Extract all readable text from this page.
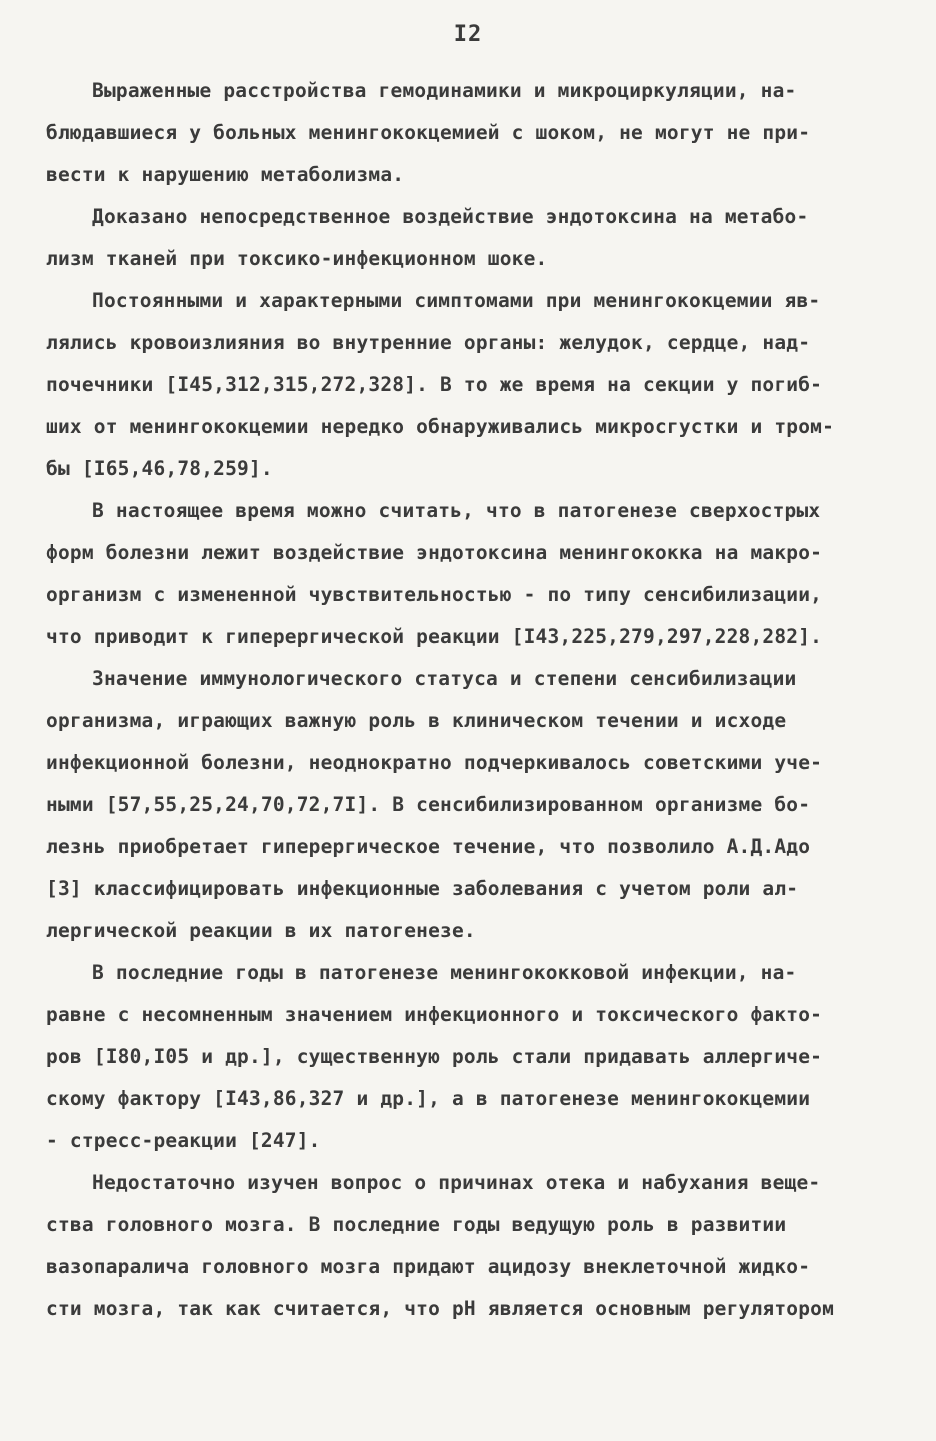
I2
Выраженные расстройства гемодинамики и микроциркуляции, на-
блюдавшиеся у больных менингококцемией с шоком, не могут не при-
вести к нарушению метаболизма.
Доказано непосредственное воздействие эндотоксина на метабо-
лизм тканей при токсико-инфекционном шоке.
Постоянными и характерными симптомами при менингококцемии яв-
лялись кровоизлияния во внутренние органы: желудок, сердце, над-
почечники [I45,312,315,272,328]. В то же время на секции у погиб-
ших от менингококцемии нередко обнаруживались микросгустки и тром-
бы [I65,46,78,259].
В настоящее время можно считать, что в патогенезе сверхострых
форм болезни лежит воздействие эндотоксина менингококка на макро-
организм с измененной чувствительностью - по типу сенсибилизации,
что приводит к гиперергической реакции [I43,225,279,297,228,282].
Значение иммунологического статуса и степени сенсибилизации
организма, играющих важную роль в клиническом течении и исходе
инфекционной болезни, неоднократно подчеркивалось советскими уче-
ными [57,55,25,24,70,72,7I]. В сенсибилизированном организме бо-
лезнь приобретает гиперергическое течение, что позволило А.Д.Адо
[3] классифицировать инфекционные заболевания с учетом роли ал-
лергической реакции в их патогенезе.
В последние годы в патогенезе менингококковой инфекции, на-
равне с несомненным значением инфекционного и токсического факто-
ров [I80,I05 и др.], существенную роль стали придавать аллергиче-
скому фактору [I43,86,327 и др.], а в патогенезе менингококцемии
- стресс-реакции [247].
Недостаточно изучен вопрос о причинах отека и набухания веще-
ства головного мозга. В последние годы ведущую роль в развитии
вазопаралича головного мозга придают ацидозу внеклеточной жидко-
сти мозга, так как считается, что рН является основным регулятором
